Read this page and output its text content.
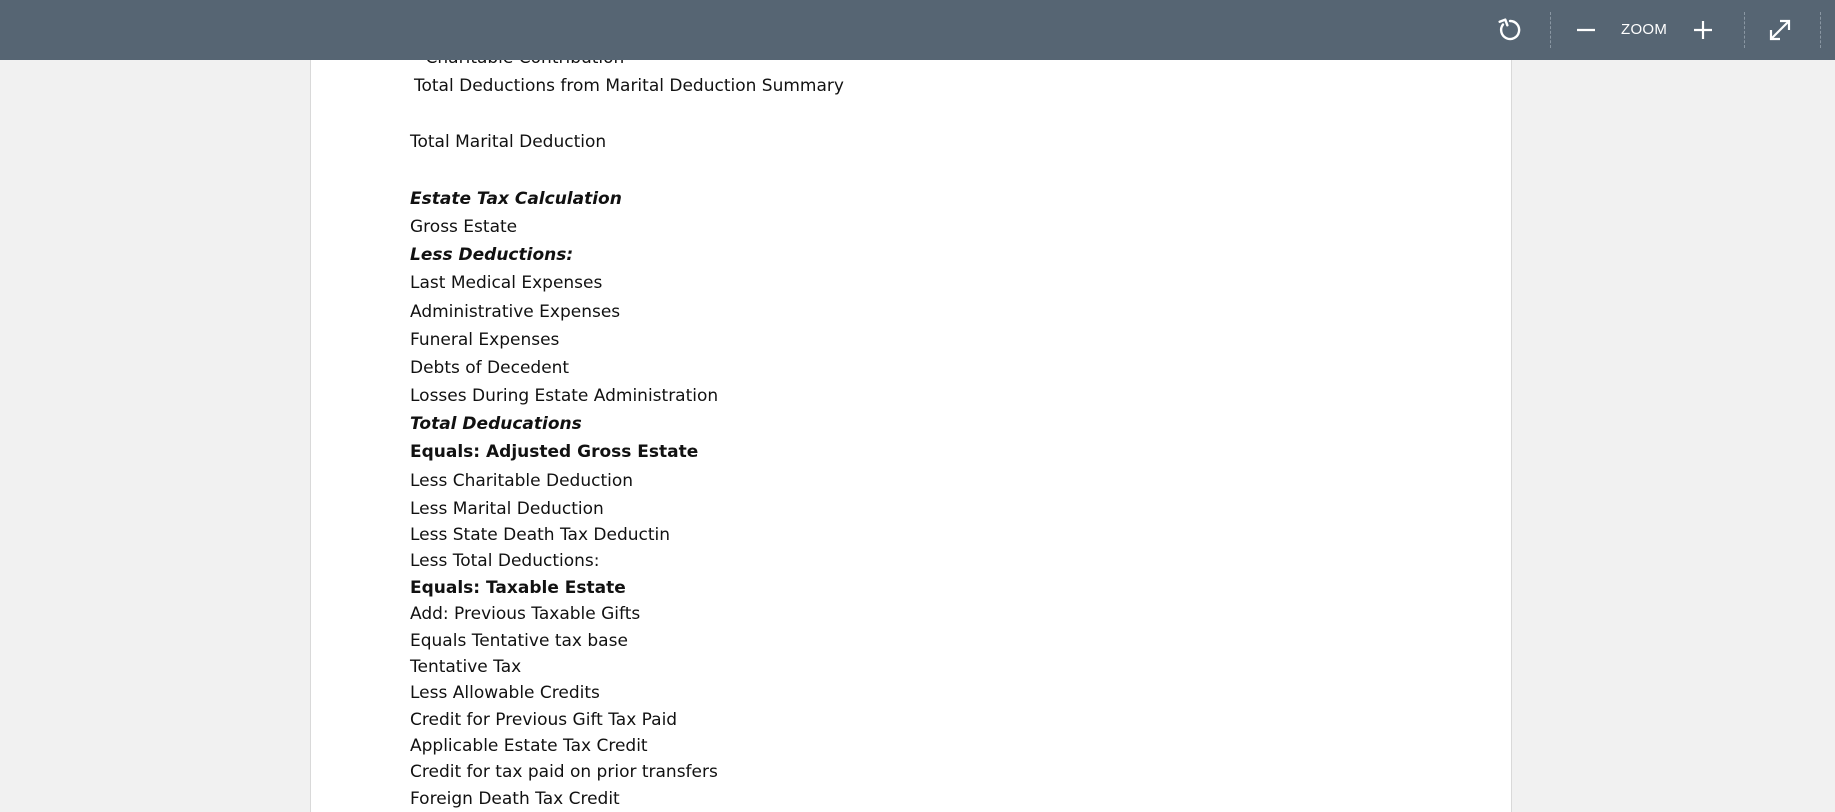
ZOOM
Total Deductions from Marital Deduction Summary
Total Marital Deduction
Estate Tax Calculation
Gross Estate
Less Deductions:
Last Medical Expenses
Administrative Expenses
Funeral Expenses
Debts of Decedent
Losses During Estate Administration
Total Deducations
Equals: Adjusted Gross Estate
Less Charitable Deduction
Less Marital Deduction
Less State Death Tax Deductin
Less Total Deductions:
Equals: Taxable Estate
Add: Previous Taxable Gifts
Equals Tentative tax base
Tentative Tax
Less Allowable Credits
Credit for Previous Gift Tax Paid
Applicable Estate Tax Credit
Credit for tax paid on prior transfers
Foreign Death Tax Credit
